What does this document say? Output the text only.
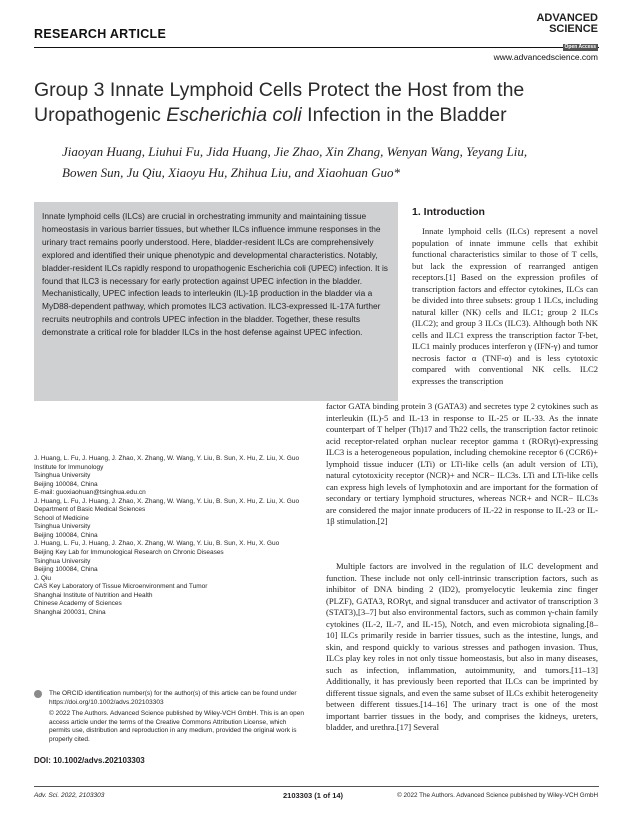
RESEARCH ARTICLE
ADVANCED
SCIENCE
Open Access
www.advancedscience.com
Group 3 Innate Lymphoid Cells Protect the Host from the Uropathogenic Escherichia coli Infection in the Bladder
Jiaoyan Huang, Liuhui Fu, Jida Huang, Jie Zhao, Xin Zhang, Wenyan Wang, Yeyang Liu,
Bowen Sun, Ju Qiu, Xiaoyu Hu, Zhihua Liu, and Xiaohuan Guo*
Innate lymphoid cells (ILCs) are crucial in orchestrating immunity and maintaining tissue homeostasis in various barrier tissues, but whether ILCs influence immune responses in the urinary tract remains poorly understood. Here, bladder-resident ILCs are comprehensively explored and identified their unique phenotypic and developmental characteristics. Notably, bladder-resident ILCs rapidly respond to uropathogenic Escherichia coli (UPEC) infection. It is found that ILC3 is necessary for early protection against UPEC infection in the bladder. Mechanistically, UPEC infection leads to interleukin (IL)-1β production in the bladder via a MyD88-dependent pathway, which promotes ILC3 activation. ILC3-expressed IL-17A further recruits neutrophils and controls UPEC infection in the bladder. Together, these results demonstrate a critical role for bladder ILCs in the host defense against UPEC infection.
J. Huang, L. Fu, J. Huang, J. Zhao, X. Zhang, W. Wang, Y. Liu, B. Sun, X. Hu, Z. Liu, X. Guo
Institute for Immunology
Tsinghua University
Beijing 100084, China
E-mail: guoxiaohuan@tsinghua.edu.cn
J. Huang, L. Fu, J. Huang, J. Zhao, X. Zhang, W. Wang, Y. Liu, B. Sun, X. Hu, Z. Liu, X. Guo
Department of Basic Medical Sciences
School of Medicine
Tsinghua University
Beijing 100084, China
J. Huang, L. Fu, J. Huang, J. Zhao, X. Zhang, W. Wang, Y. Liu, B. Sun, X. Hu, X. Guo
Beijing Key Lab for Immunological Research on Chronic Diseases
Tsinghua University
Beijing 100084, China
J. Qiu
CAS Key Laboratory of Tissue Microenvironment and Tumor
Shanghai Institute of Nutrition and Health
Chinese Academy of Sciences
Shanghai 200031, China
The ORCID identification number(s) for the author(s) of this article can be found under https://doi.org/10.1002/advs.202103303
© 2022 The Authors. Advanced Science published by Wiley-VCH GmbH. This is an open access article under the terms of the Creative Commons Attribution License, which permits use, distribution and reproduction in any medium, provided the original work is properly cited.
DOI: 10.1002/advs.202103303
1. Introduction

Innate lymphoid cells (ILCs) represent a novel population of innate immune cells that exhibit functional characteristics similar to those of T cells, but lack the expression of rearranged antigen receptors.[1] Based on the expression profiles of transcription factors and effector cytokines, ILCs can be divided into three subsets: group 1 ILCs, including natural killer (NK) cells and ILC1; group 2 ILCs (ILC2); and group 3 ILCs (ILC3). Although both NK cells and ILC1 express the transcription factor T-bet, ILC1 mainly produces interferon γ (IFN-γ) and tumor necrosis factor α (TNF-α) and is less cytotoxic compared with conventional NK cells. ILC2 expresses the transcription

factor GATA binding protein 3 (GATA3) and secretes type 2 cytokines such as interleukin (IL)-5 and IL-13 in response to IL-25 or IL-33. As the innate counterpart of T helper (Th)17 and Th22 cells, the transcription factor retinoic acid receptor-related orphan nuclear receptor gamma t (RORγt)-expressing ILC3 is a heterogeneous population, including chemokine receptor 6 (CCR6)+ lymphoid tissue inducer (LTi) or LTi-like cells (an adult version of LTi), natural cytotoxicity receptor (NCR)+ and NCR− ILC3s. LTi and LTi-like cells can express high levels of lymphotoxin and are important for the formation of secondary or tertiary lymphoid structures, whereas NCR+ and NCR− ILC3s are considered the major innate producers of IL-22 in response to IL-23 or IL-1β stimulation.[2]

Multiple factors are involved in the regulation of ILC development and function. These include not only cell-intrinsic transcription factors, such as inhibitor of DNA binding 2 (ID2), promyelocytic leukemia zinc finger (PLZF), GATA3, RORγt, and signal transducer and activator of transcription 3 (STAT3),[3–7] but also environmental factors, such as common γ-chain family cytokines (IL-2, IL-7, and IL-15), Notch, and even microbiota signaling.[8–10] ILCs primarily reside in barrier tissues, such as the intestine, lungs, and skin, and respond quickly to various stresses and pathogen invasion. Thus, ILCs play key roles in not only tissue homeostasis, but also in many diseases, such as infection, inflammation, autoimmunity, and tumors.[11–13] Additionally, it has previously been reported that ILCs can be imprinted by different tissue signals, and even the same subset of ILCs exhibit heterogeneity between different tissues.[14–16] The urinary tract is one of the most important barrier tissues in the body, and comprises the kidneys, ureters, bladder, and urethra.[17] Several

Adv. Sci. 2022, 2103303	2103303 (1 of 14)	© 2022 The Authors. Advanced Science published by Wiley-VCH GmbH
